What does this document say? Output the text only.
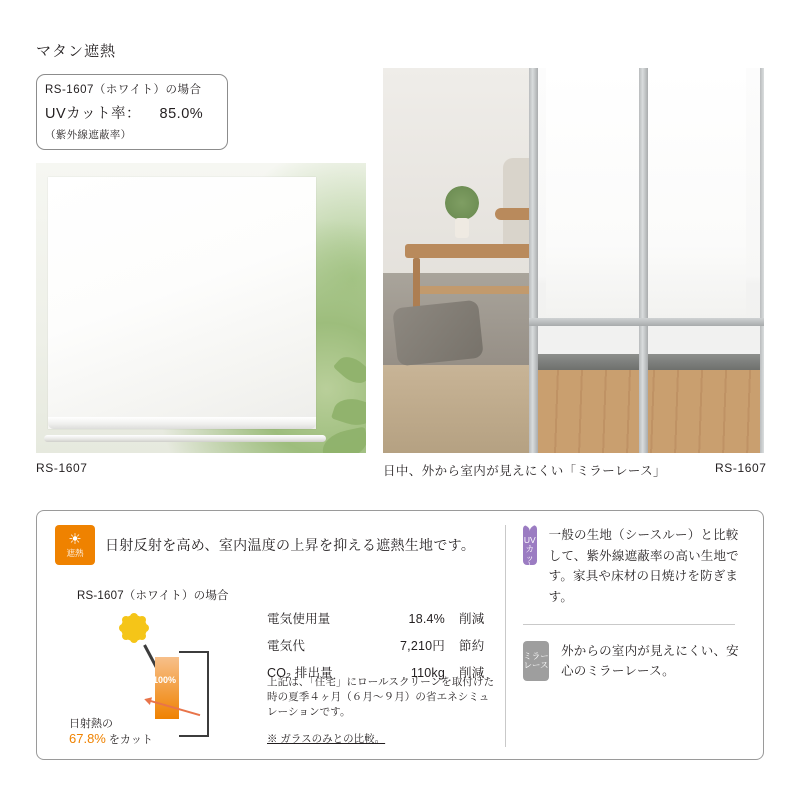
マタン遮熱
RS-1607（ホワイト）の場合
UVカット率： 85.0%
（紫外線遮蔽率）
RS-1607	日中、外から室内が見えにくい「ミラーレース」	RS-1607
☀
遮熱
日射反射を高め、室内温度の上昇を抑える遮熱生地です。
RS-1607（ホワイト）の場合
100%
日射熱の
67.8% をカット
電気使用量	18.4% 削減
電気代	7,210円 節約
CO₂ 排出量	110kg 削減
上記は、「住宅」にロールスクリーンを取付けた時の夏季４ヶ月（６月〜９月）の省エネシミュレーションです。
※ ガラスのみとの比較。
✦
UVカット
一般の生地（シースルー）と比較して、紫外線遮蔽率の高い生地です。家具や床材の日焼けを防ぎます。
ミラーレース
外からの室内が見えにくい、安心のミラーレース。
